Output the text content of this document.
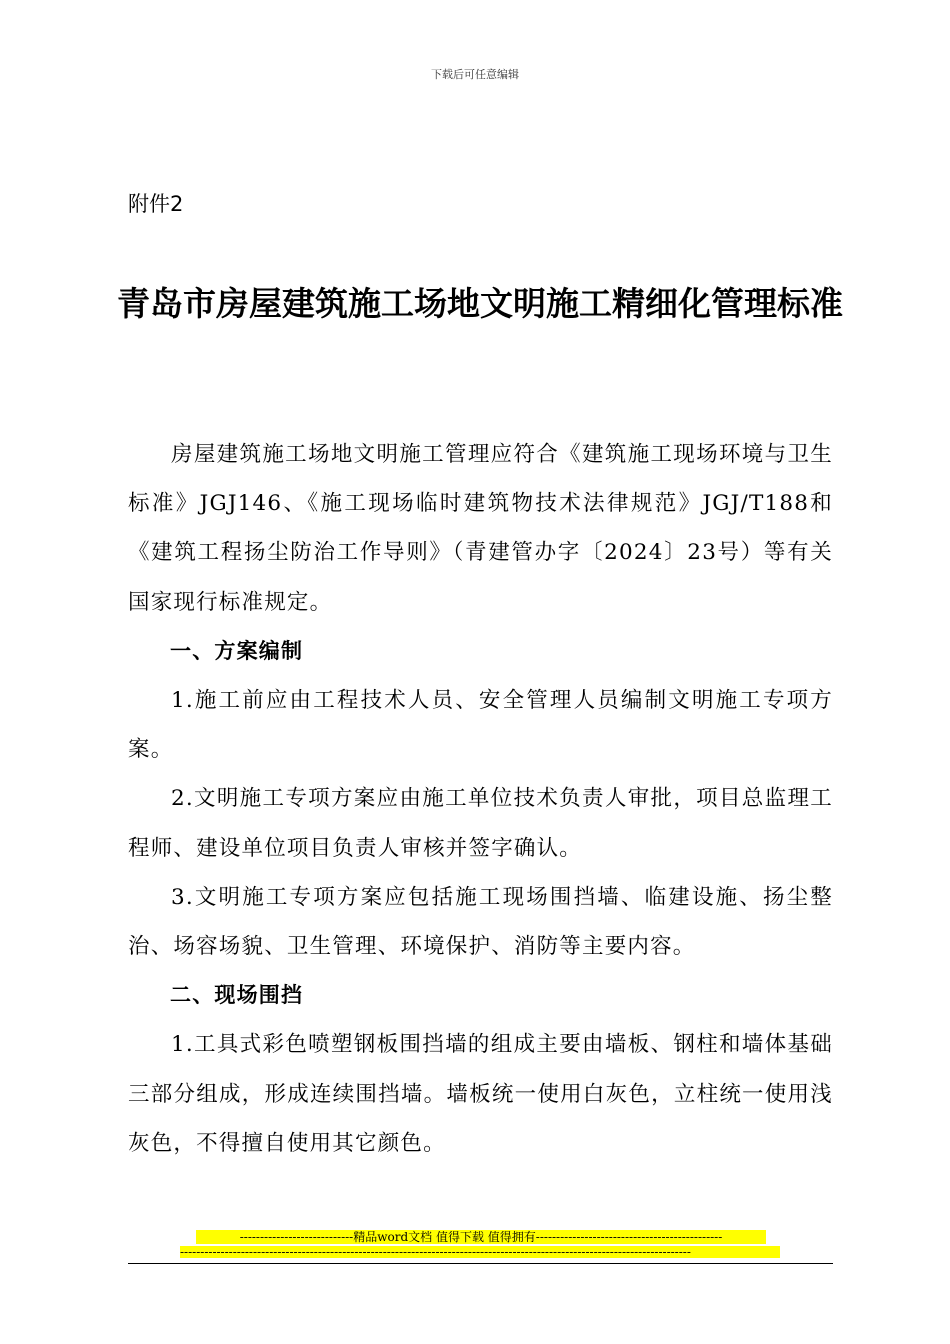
下载后可任意编辑
附件2
青岛市房屋建筑施工场地文明施工精细化管理标准

房屋建筑施工场地文明施工管理应符合《建筑施工现场环境与卫生标准》JGJ146、《施工现场临时建筑物技术法律规范》JGJ/T188和《建筑工程扬尘防治工作导则》（青建管办字〔2024〕23号）等有关国家现行标准规定。

一、方案编制

1.施工前应由工程技术人员、安全管理人员编制文明施工专项方案。

2.文明施工专项方案应由施工单位技术负责人审批，项目总监理工程师、建设单位项目负责人审核并签字确认。

3.文明施工专项方案应包括施工现场围挡墙、临建设施、扬尘整治、场容场貌、卫生管理、环境保护、消防等主要内容。

二、现场围挡

1.工具式彩色喷塑钢板围挡墙的组成主要由墙板、钢柱和墙体基础三部分组成，形成连续围挡墙。墙板统一使用白灰色，立柱统一使用浅灰色，不得擅自使用其它颜色。

----------------------------精品word文档 值得下载 值得拥有----------------------------------------------
------------------------------------------------------------------------------------------------------------------------------
